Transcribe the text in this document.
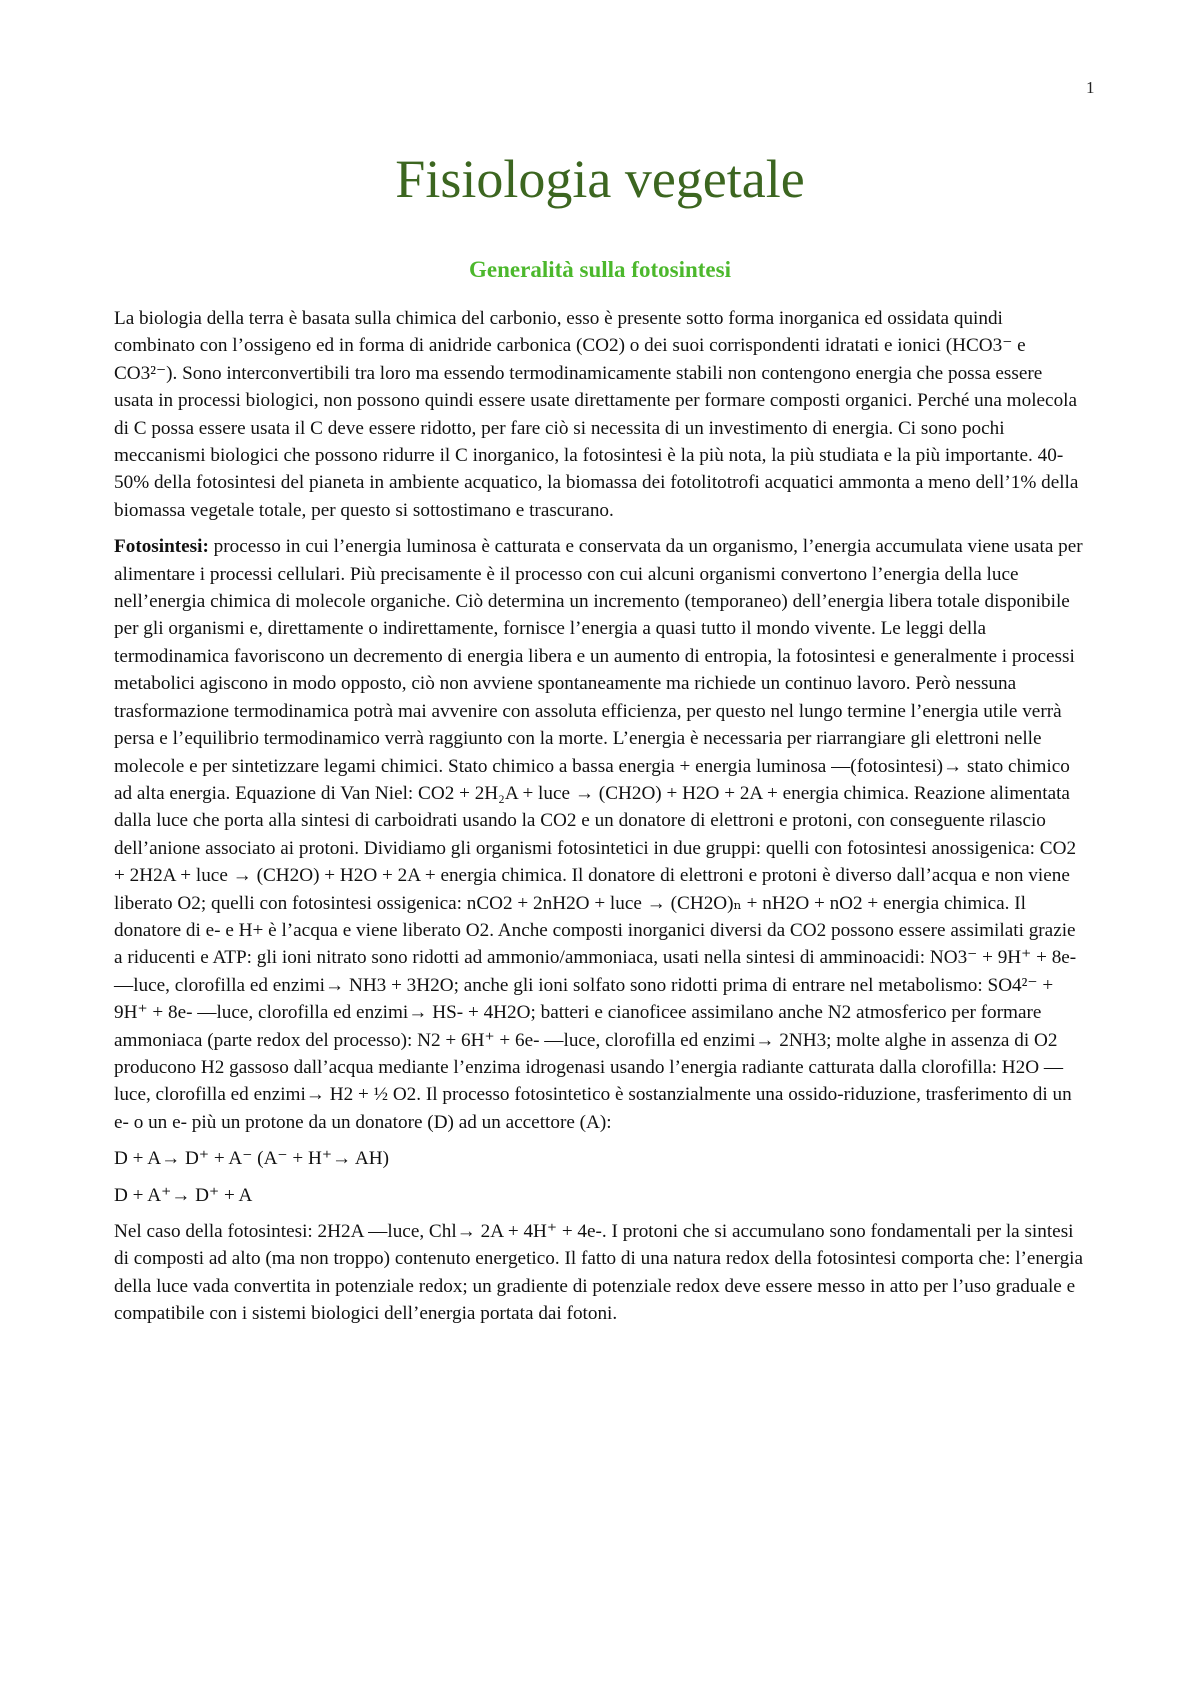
1
Fisiologia vegetale
Generalità sulla fotosintesi

La biologia della terra è basata sulla chimica del carbonio, esso è presente sotto forma inorganica ed ossidata quindi combinato con l’ossigeno ed in forma di anidride carbonica (CO2) o dei suoi corrispondenti idratati e ionici (HCO3⁻ e CO3²⁻). Sono interconvertibili tra loro ma essendo termodinamicamente stabili non contengono energia che possa essere usata in processi biologici, non possono quindi essere usate direttamente per formare composti organici. Perché una molecola di C possa essere usata il C deve essere ridotto, per fare ciò si necessita di un investimento di energia. Ci sono pochi meccanismi biologici che possono ridurre il C inorganico, la fotosintesi è la più nota, la più studiata e la più importante. 40-50% della fotosintesi del pianeta in ambiente acquatico, la biomassa dei fotolitotrofi acquatici ammonta a meno dell’1% della biomassa vegetale totale, per questo si sottostimano e trascurano.

Fotosintesi: processo in cui l’energia luminosa è catturata e conservata da un organismo, l’energia accumulata viene usata per alimentare i processi cellulari. Più precisamente è il processo con cui alcuni organismi convertono l’energia della luce nell’energia chimica di molecole organiche. Ciò determina un incremento (temporaneo) dell’energia libera totale disponibile per gli organismi e, direttamente o indirettamente, fornisce l’energia a quasi tutto il mondo vivente. Le leggi della termodinamica favoriscono un decremento di energia libera e un aumento di entropia, la fotosintesi e generalmente i processi metabolici agiscono in modo opposto, ciò non avviene spontaneamente ma richiede un continuo lavoro. Però nessuna trasformazione termodinamica potrà mai avvenire con assoluta efficienza, per questo nel lungo termine l’energia utile verrà persa e l’equilibrio termodinamico verrà raggiunto con la morte. L’energia è necessaria per riarrangiare gli elettroni nelle molecole e per sintetizzare legami chimici. Stato chimico a bassa energia + energia luminosa —(fotosintesi)→ stato chimico ad alta energia. Equazione di Van Niel: CO2 + 2H₂A + luce → (CH2O) + H2O + 2A + energia chimica. Reazione alimentata dalla luce che porta alla sintesi di carboidrati usando la CO2 e un donatore di elettroni e protoni, con conseguente rilascio dell’anione associato ai protoni. Dividiamo gli organismi fotosintetici in due gruppi: quelli con fotosintesi anossigenica: CO2 + 2H2A + luce → (CH2O) + H2O + 2A + energia chimica. Il donatore di elettroni e protoni è diverso dall’acqua e non viene liberato O2; quelli con fotosintesi ossigenica: nCO2 + 2nH2O + luce → (CH2O)ₙ + nH2O + nO2 + energia chimica. Il donatore di e- e H+ è l’acqua e viene liberato O2. Anche composti inorganici diversi da CO2 possono essere assimilati grazie a riducenti e ATP: gli ioni nitrato sono ridotti ad ammonio/ammoniaca, usati nella sintesi di amminoacidi: NO3⁻ + 9H⁺ + 8e- —luce, clorofilla ed enzimi→ NH3 + 3H2O; anche gli ioni solfato sono ridotti prima di entrare nel metabolismo: SO4²⁻ + 9H⁺ + 8e- —luce, clorofilla ed enzimi→ HS- + 4H2O; batteri e cianoficee assimilano anche N2 atmosferico per formare ammoniaca (parte redox del processo): N2 + 6H⁺ + 6e- —luce, clorofilla ed enzimi→ 2NH3; molte alghe in assenza di O2 producono H2 gassoso dall’acqua mediante l’enzima idrogenasi usando l’energia radiante catturata dalla clorofilla: H2O —luce, clorofilla ed enzimi→ H2 + ½ O2. Il processo fotosintetico è sostanzialmente una ossido-riduzione, trasferimento di un e- o un e- più un protone da un donatore (D) ad un accettore (A):

D + A→ D⁺ + A⁻ (A⁻ + H⁺→ AH)

D + A⁺→ D⁺ + A

Nel caso della fotosintesi: 2H2A —luce, Chl→ 2A + 4H⁺ + 4e-. I protoni che si accumulano sono fondamentali per la sintesi di composti ad alto (ma non troppo) contenuto energetico. Il fatto di una natura redox della fotosintesi comporta che: l’energia della luce vada convertita in potenziale redox; un gradiente di potenziale redox deve essere messo in atto per l’uso graduale e compatibile con i sistemi biologici dell’energia portata dai fotoni.
